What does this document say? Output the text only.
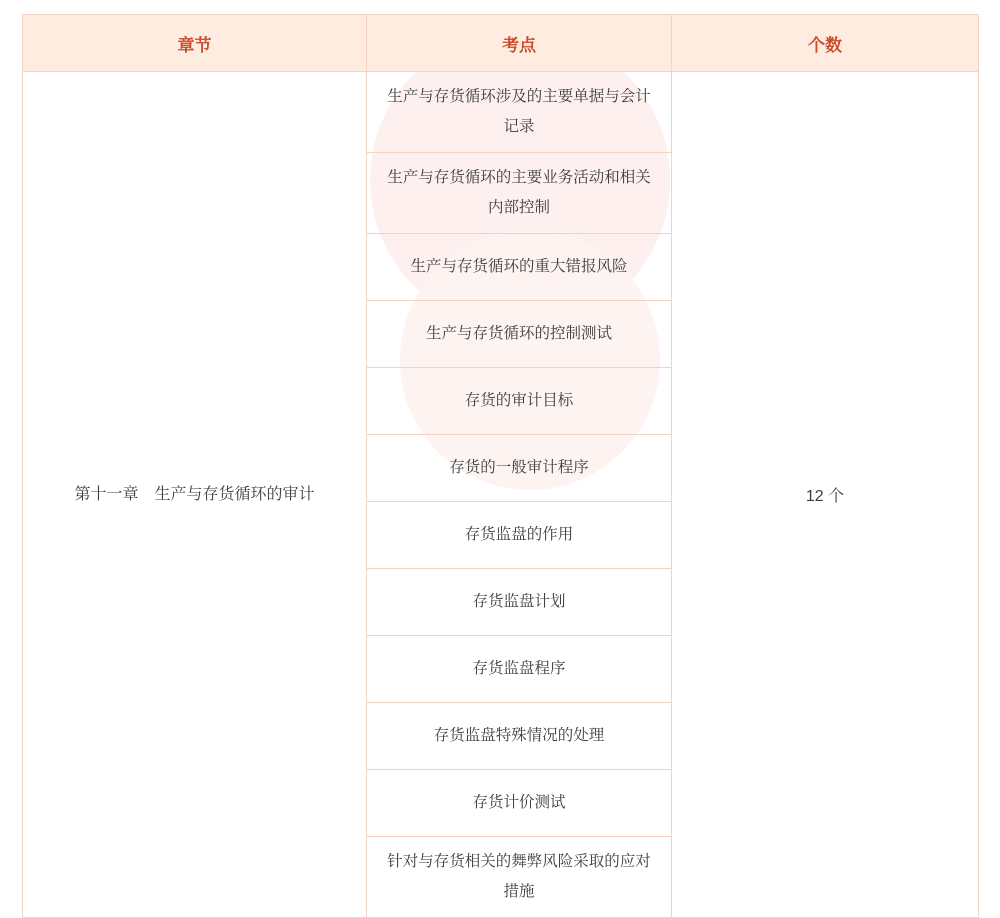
章节	考点	个数
第十一章　生产与存货循环的审计	生产与存货循环涉及的主要单据与会计记录	12 个
	生产与存货循环的主要业务活动和相关内部控制	
	生产与存货循环的重大错报风险	
	生产与存货循环的控制测试	
	存货的审计目标	
	存货的一般审计程序	
	存货监盘的作用	
	存货监盘计划	
	存货监盘程序	
	存货监盘特殊情况的处理	
	存货计价测试	
	针对与存货相关的舞弊风险采取的应对措施	
